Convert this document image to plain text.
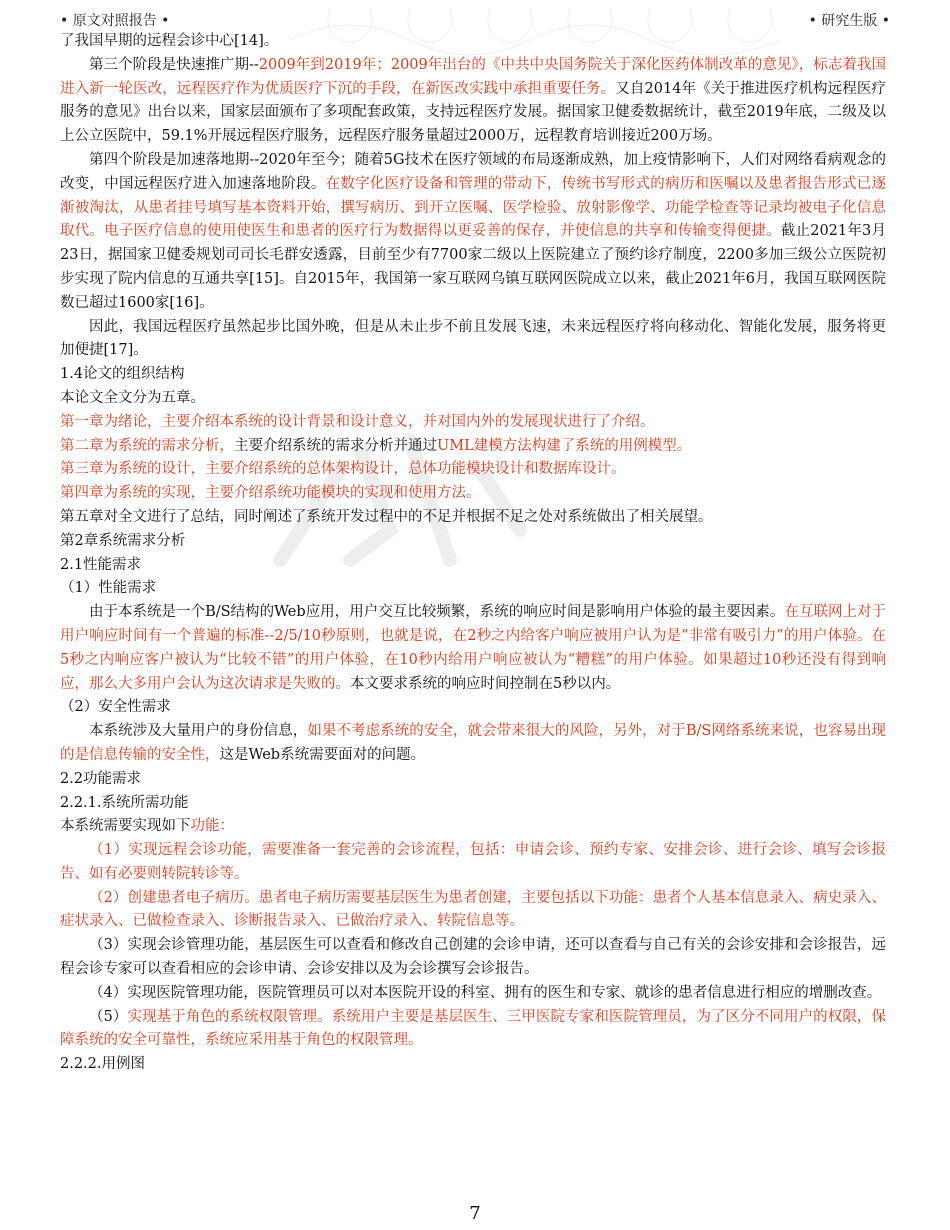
• 原文对照报告 •	• 研究生版 •

了我国早期的远程会诊中心[14]。

第三个阶段是快速推广期--2009年到2019年；2009年出台的《中共中央国务院关于深化医药体制改革的意见》，标志着我国进入新一轮医改，远程医疗作为优质医疗下沉的手段，在新医改实践中承担重要任务。又自2014年《关于推进医疗机构远程医疗服务的意见》出台以来，国家层面颁布了多项配套政策，支持远程医疗发展。据国家卫健委数据统计，截至2019年底，二级及以上公立医院中，59.1%开展远程医疗服务，远程医疗服务量超过2000万，远程教育培训接近200万场。

第四个阶段是加速落地期--2020年至今；随着5G技术在医疗领域的布局逐渐成熟，加上疫情影响下，人们对网络看病观念的改变，中国远程医疗进入加速落地阶段。在数字化医疗设备和管理的带动下，传统书写形式的病历和医嘱以及患者报告形式已逐渐被淘汰，从患者挂号填写基本资料开始，撰写病历、到开立医嘱、医学检验、放射影像学、功能学检查等记录均被电子化信息取代。电子医疗信息的使用使医生和患者的医疗行为数据得以更妥善的保存，并使信息的共享和传输变得便捷。截止2021年3月23日，据国家卫健委规划司司长毛群安透露，目前至少有7700家二级以上医院建立了预约诊疗制度，2200多加三级公立医院初步实现了院内信息的互通共享[15]。自2015年，我国第一家互联网乌镇互联网医院成立以来，截止2021年6月，我国互联网医院数已超过1600家[16]。

因此，我国远程医疗虽然起步比国外晚，但是从未止步不前且发展飞速，未来远程医疗将向移动化、智能化发展，服务将更加便捷[17]。

1.4论文的组织结构

本论文全文分为五章。

第一章为绪论，主要介绍本系统的设计背景和设计意义，并对国内外的发展现状进行了介绍。

第二章为系统的需求分析，主要介绍系统的需求分析并通过UML建模方法构建了系统的用例模型。

第三章为系统的设计，主要介绍系统的总体架构设计，总体功能模块设计和数据库设计。

第四章为系统的实现，主要介绍系统功能模块的实现和使用方法。

第五章对全文进行了总结，同时阐述了系统开发过程中的不足并根据不足之处对系统做出了相关展望。

第2章系统需求分析

2.1性能需求

（1）性能需求

由于本系统是一个B/S结构的Web应用，用户交互比较频繁，系统的响应时间是影响用户体验的最主要因素。在互联网上对于用户响应时间有一个普遍的标准--2/5/10秒原则，也就是说，在2秒之内给客户响应被用户认为是“非常有吸引力”的用户体验。在5秒之内响应客户被认为“比较不错”的用户体验，在10秒内给用户响应被认为“糟糕”的用户体验。如果超过10秒还没有得到响应，那么大多用户会认为这次请求是失败的。本文要求系统的响应时间控制在5秒以内。

（2）安全性需求

本系统涉及大量用户的身份信息，如果不考虑系统的安全，就会带来很大的风险，另外，对于B/S网络系统来说，也容易出现的是信息传输的安全性，这是Web系统需要面对的问题。

2.2功能需求

2.2.1.系统所需功能

本系统需要实现如下功能：

（1）实现远程会诊功能，需要准备一套完善的会诊流程，包括：申请会诊、预约专家、安排会诊、进行会诊、填写会诊报告、如有必要则转院转诊等。

（2）创建患者电子病历。患者电子病历需要基层医生为患者创建，主要包括以下功能：患者个人基本信息录入、病史录入、症状录入、已做检查录入、诊断报告录入、已做治疗录入、转院信息等。

（3）实现会诊管理功能，基层医生可以查看和修改自己创建的会诊申请，还可以查看与自己有关的会诊安排和会诊报告，远程会诊专家可以查看相应的会诊申请、会诊安排以及为会诊撰写会诊报告。

（4）实现医院管理功能，医院管理员可以对本医院开设的科室、拥有的医生和专家、就诊的患者信息进行相应的增删改查。

（5）实现基于角色的系统权限管理。系统用户主要是基层医生、三甲医院专家和医院管理员，为了区分不同用户的权限，保障系统的安全可靠性，系统应采用基于角色的权限管理。

2.2.2.用例图

7
